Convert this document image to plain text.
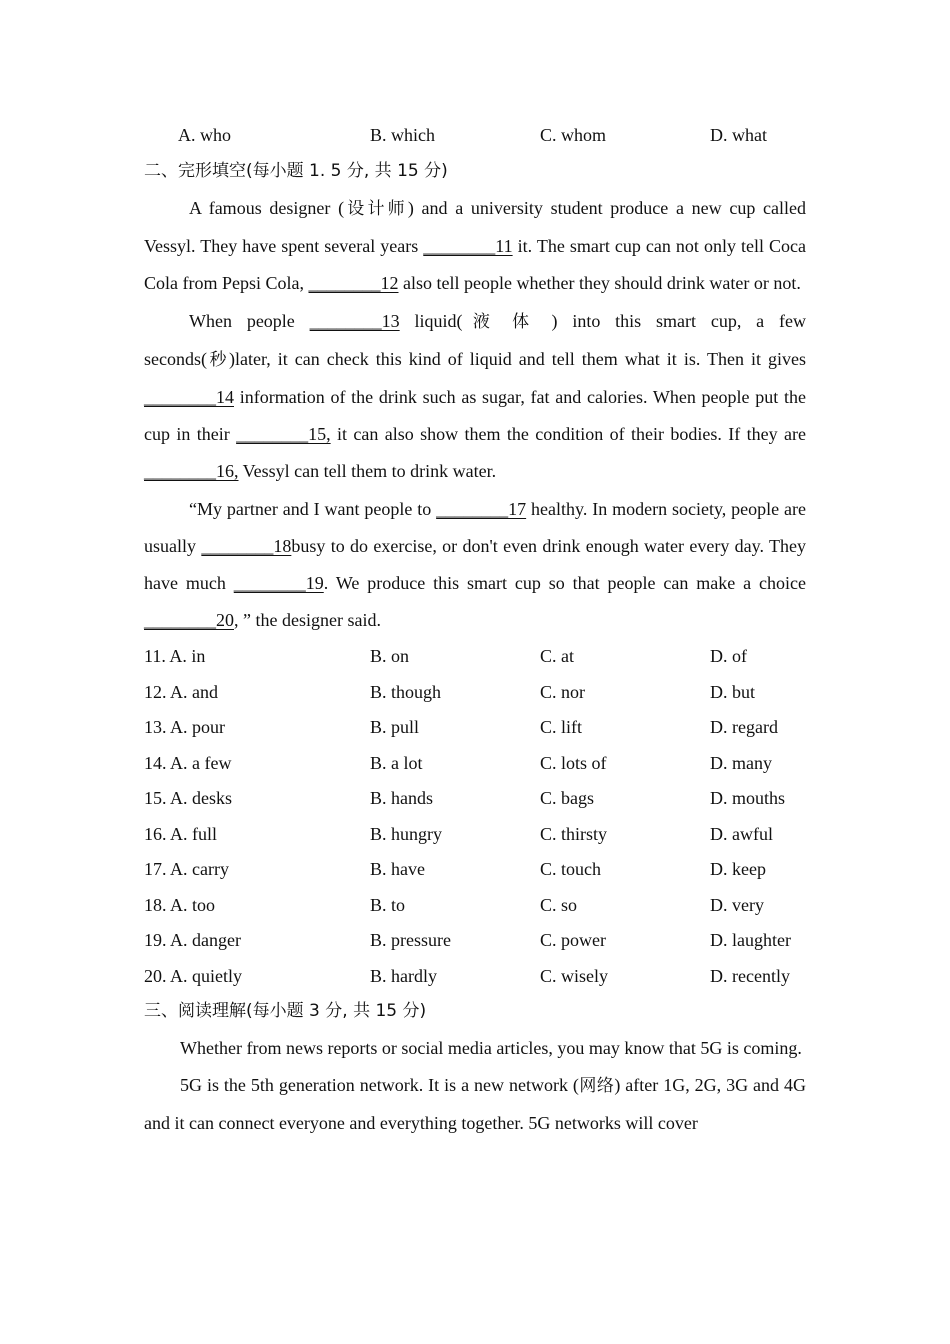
A. who	B. which	C. whom	D. what
二、完形填空(每小题 1. 5 分, 共 15 分)
A famous designer (设计师) and a university student produce a new cup called Vessyl. They have spent several years ________11 it. The smart cup can not only tell Coca Cola from Pepsi Cola, ________12 also tell people whether they should drink water or not.
When people ________13 liquid(液体) into this smart cup, a few seconds(秒)later, it can check this kind of liquid and tell them what it is. Then it gives ________14 information of the drink such as sugar, fat and calories. When people put the cup in their ________15, it can also show them the condition of their bodies. If they are ________16, Vessyl can tell them to drink water.
“My partner and I want people to ________17 healthy. In modern society, people are usually ________18busy to do exercise, or don't even drink enough water every day. They have much ________19. We produce this smart cup so that people can make a choice ________20, ” the designer said.
11. A. in	B. on	C. at	D. of
12. A. and	B. though	C. nor	D. but
13. A. pour	B. pull	C. lift	D. regard
14. A. a few	B. a lot	C. lots of	D. many
15. A. desks	B. hands	C. bags	D. mouths
16. A. full	B. hungry	C. thirsty	D. awful
17. A. carry	B. have	C. touch	D. keep
18. A. too	B. to	C. so	D. very
19. A. danger	B. pressure	C. power	D. laughter
20. A. quietly	B. hardly	C. wisely	D. recently
三、阅读理解(每小题 3 分, 共 15 分)
Whether from news reports or social media articles, you may know that 5G is coming.
5G is the 5th generation network. It is a new network (网络) after 1G, 2G, 3G and 4G and it can connect everyone and everything together. 5G networks will cover
